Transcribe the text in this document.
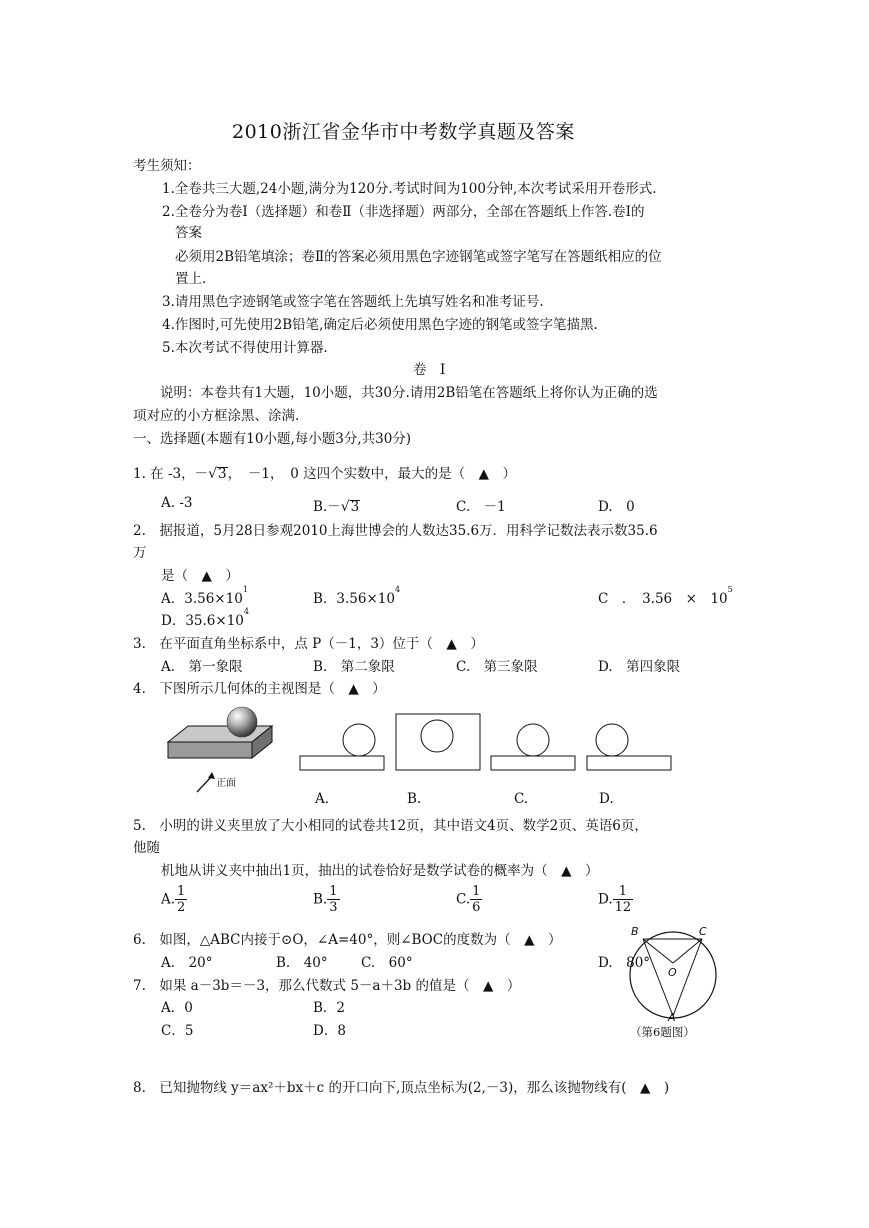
2010浙江省金华市中考数学真题及答案
考生须知：
1.全卷共三大题,24小题,满分为120分.考试时间为100分钟,本次考试采用开卷形式.
2.全卷分为卷Ⅰ（选择题）和卷Ⅱ（非选择题）两部分，全部在答题纸上作答.卷Ⅰ的
答案
必须用2B铅笔填涂；卷Ⅱ的答案必须用黑色字迹钢笔或签字笔写在答题纸相应的位
置上.
3.请用黑色字迹钢笔或签字笔在答题纸上先填写姓名和准考证号.
4.作图时,可先使用2B铅笔,确定后必须使用黑色字迹的钢笔或签字笔描黑.
5.本次考试不得使用计算器.
卷　Ⅰ
说明：本卷共有1大题，10小题，共30分.请用2B铅笔在答题纸上将你认为正确的选
项对应的小方框涂黑、涂满.
一、选择题(本题有10小题,每小题3分,共30分)
1. 在 -3，－√3，　－1，　0 这四个实数中，最大的是（　▲　）
A. -3	B.－√3	C.　－1	D.　0
2.　据报道，5月28日参观2010上海世博会的人数达35.6万．用科学记数法表示数35.6
万
是（　▲　）
A．$3.56\times 10^1$
B．$3.56\times 10^4$
C　．　3.56　×　$10^5$
D．$35.6\times 10^4$
3.　在平面直角坐标系中，点 P（－1，3）位于（　▲　）
A.　第一象限	B.　第二象限	C.　第三象限	D.　第四象限
4.　下图所示几何体的主视图是（　▲　）
正面
A.	B.	C.	D.
5.　小明的讲义夹里放了大小相同的试卷共12页，其中语文4页、数学2页、英语6页，
他随
机地从讲义夹中抽出1页，抽出的试卷恰好是数学试卷的概率为（　▲　）
A. $\frac{1}{2}$	B. $\frac{1}{3}$	C. $\frac{1}{6}$	D. $\frac{1}{12}$
6.　如图，△ABC内接于⊙O，∠A=40°，则∠BOC的度数为（　▲　）
A.　20°	B.　40° C.　60°	D.　80°
B	C
O
A
（第6题图）
7.　如果 a－3b＝－3，那么代数式 5－a＋3b 的值是（　▲　）
A．0	B．2
C．5	D．8
8.　已知抛物线 y＝ax²＋bx＋c 的开口向下,顶点坐标为(2,－3)，那么该抛物线有(　▲　)
